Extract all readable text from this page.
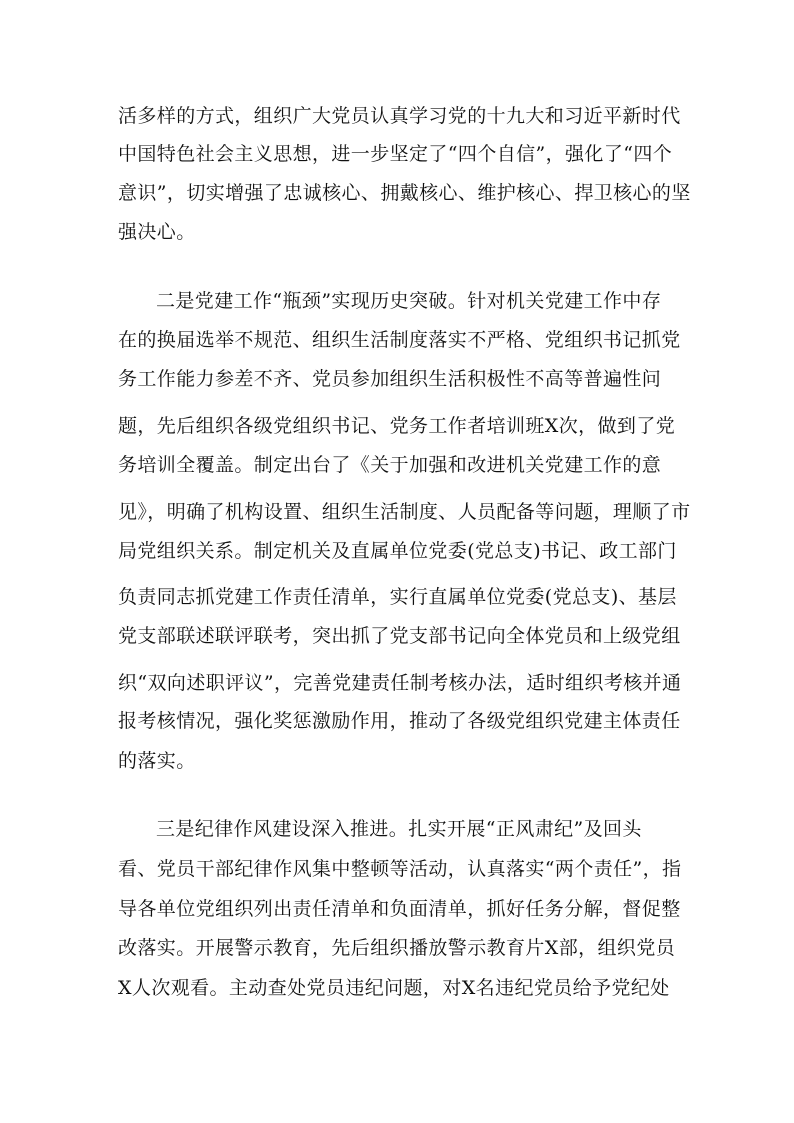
活多样的方式，组织广大党员认真学习党的十九大和习近平新时代
中国特色社会主义思想，进一步坚定了“四个自信”，强化了“四个
意识”，切实增强了忠诚核心、拥戴核心、维护核心、捍卫核心的坚
强决心。
二是党建工作“瓶颈”实现历史突破。针对机关党建工作中存
在的换届选举不规范、组织生活制度落实不严格、党组织书记抓党
务工作能力参差不齐、党员参加组织生活积极性不高等普遍性问
题，先后组织各级党组织书记、党务工作者培训班X次，做到了党
务培训全覆盖。制定出台了《关于加强和改进机关党建工作的意
见》，明确了机构设置、组织生活制度、人员配备等问题，理顺了市
局党组织关系。制定机关及直属单位党委(党总支)书记、政工部门
负责同志抓党建工作责任清单，实行直属单位党委(党总支)、基层
党支部联述联评联考，突出抓了党支部书记向全体党员和上级党组
织“双向述职评议”，完善党建责任制考核办法，适时组织考核并通
报考核情况，强化奖惩激励作用，推动了各级党组织党建主体责任
的落实。
三是纪律作风建设深入推进。扎实开展“正风肃纪”及回头
看、党员干部纪律作风集中整顿等活动，认真落实“两个责任”，指
导各单位党组织列出责任清单和负面清单，抓好任务分解，督促整
改落实。开展警示教育，先后组织播放警示教育片X部，组织党员
X人次观看。主动查处党员违纪问题，对X名违纪党员给予党纪处
